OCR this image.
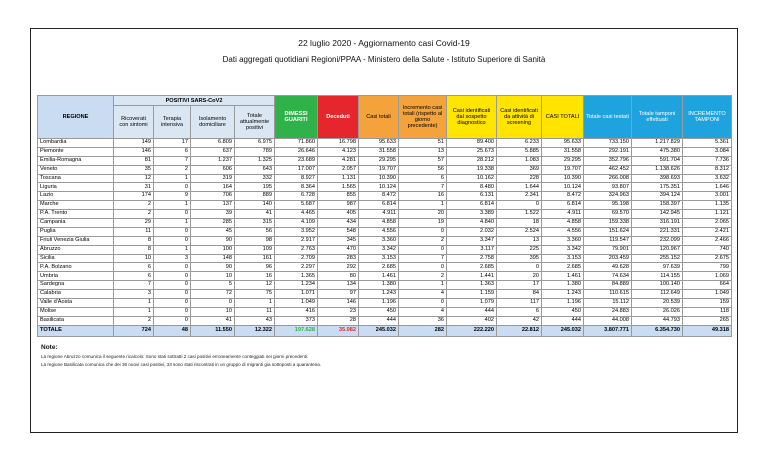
22 luglio 2020 - Aggiornamento casi Covid-19
Dati aggregati quotidiani Regioni/PPAA - Ministero della Salute - Istituto Superiore di Sanità
REGIONE	POSITIVI SARS-CoV2				DIMESSI GUARITI	Deceduti	Casi totali	Incremento casi totali (rispetto al giorno precedente)	Casi identificati dal sospetto diagnostico	Casi identificati da attività di screening	CASI TOTALI	Totale casi testati	Totale tamponi effettuati	INCREMENTO TAMPONI
	Ricoverati con sintomi	Terapia intensiva	Isolamento domiciliare	Totale attualmente positivi										
Lombardia	149	17	6.809	6.975	71.860	16.798	95.633	51	89.400	6.233	95.633	733.150	1.217.829	5.361
Piemonte	146	6	637	789	26.646	4.123	31.558	13	25.673	5.885	31.558	292.191	475.380	3.084
Emilia-Romagna	81	7	1.237	1.325	23.689	4.281	29.295	57	28.212	1.083	29.295	352.796	591.704	7.736
Veneto	35	2	606	643	17.007	2.057	19.707	56	19.338	369	19.707	462.452	1.138.626	8.312
Toscana	12	1	319	332	8.927	1.131	10.390	6	10.162	228	10.390	266.008	398.693	3.632
Liguria	31	0	164	195	8.364	1.565	10.124	7	8.480	1.644	10.124	93.807	175.351	1.646
Lazio	174	9	706	889	6.728	855	8.472	16	6.131	2.341	8.472	324.963	394.124	3.001
Marche	2	1	137	140	5.687	987	6.814	1	6.814	0	6.814	95.198	158.397	1.135
P.A. Trento	2	0	39	41	4.465	405	4.911	20	3.389	1.522	4.911	69.570	142.945	1.121
Campania	29	1	285	315	4.109	434	4.858	19	4.840	18	4.858	159.338	316.191	2.065
Puglia	11	0	45	56	3.952	548	4.556	0	2.032	2.524	4.556	151.624	221.331	2.421
Friuli Venezia Giulia	8	0	90	98	2.917	345	3.360	2	3.347	13	3.360	119.547	232.099	2.466
Abruzzo	8	1	100	109	2.763	470	3.342	0	3.117	225	3.342	79.901	120.967	740
Sicilia	10	3	148	161	2.709	283	3.153	7	2.758	395	3.153	203.459	255.152	2.675
P.A. Bolzano	6	0	90	96	2.297	292	2.685	0	2.685	0	2.685	49.628	97.639	799
Umbria	6	0	10	16	1.365	80	1.461	2	1.441	20	1.461	74.634	114.155	1.069
Sardegna	7	0	5	12	1.234	134	1.380	1	1.363	17	1.380	84.889	100.140	664
Calabria	3	0	72	75	1.071	97	1.243	4	1.159	84	1.243	110.615	112.649	1.049
Valle d'Aosta	1	0	0	1	1.049	146	1.196	0	1.079	117	1.196	15.112	20.539	159
Molise	1	0	10	11	416	23	450	4	444	6	450	24.883	26.026	118
Basilicata	2	0	41	43	373	28	444	36	402	42	444	44.008	44.793	265
TOTALE	724	48	11.550	12.322	197.628	35.082	245.032	282	222.220	22.812	245.032	3.807.771	6.354.730	49.318
Note:
La regione Abruzzo comunica il seguente ricalcolo: Sono stati sottratti 2 casi positivi erroneamente conteggiati nei giorni precedenti.
La regione Basilicata comunica che dei 36 nuovi casi positivi, 33 sono stati riscontrati in un gruppo di migranti gia sottoposti a quarantena.
